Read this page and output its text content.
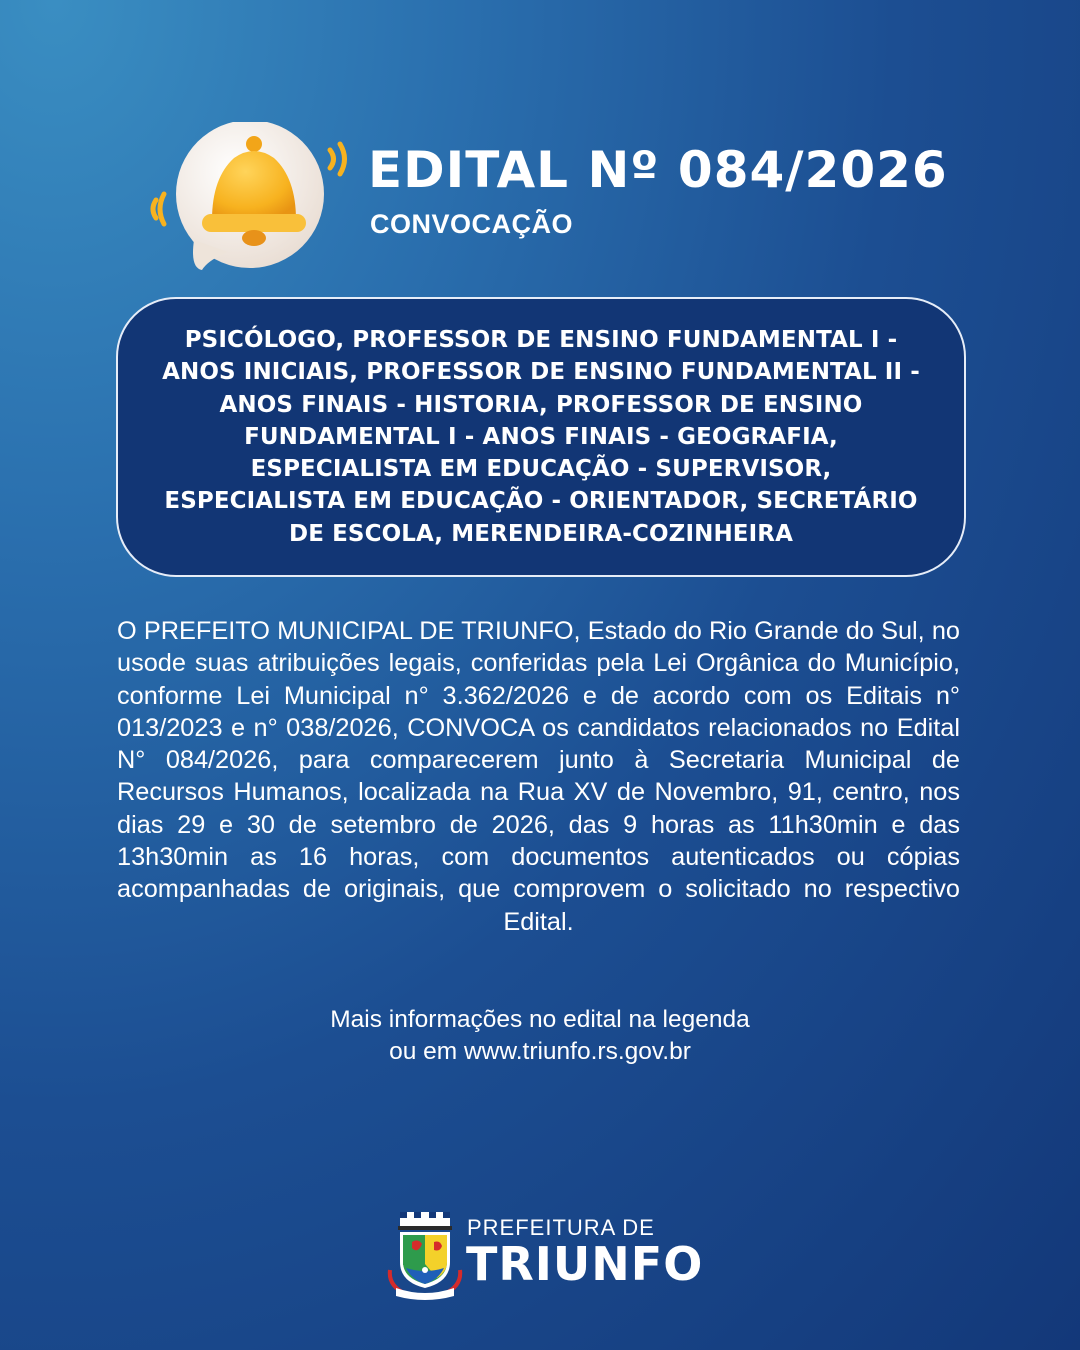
EDITAL Nº 084/2026
CONVOCAÇÃO

PSICÓLOGO, PROFESSOR DE ENSINO FUNDAMENTAL I - ANOS INICIAIS, PROFESSOR DE ENSINO FUNDAMENTAL II - ANOS FINAIS - HISTORIA, PROFESSOR DE ENSINO FUNDAMENTAL I - ANOS FINAIS - GEOGRAFIA, ESPECIALISTA EM EDUCAÇÃO - SUPERVISOR, ESPECIALISTA EM EDUCAÇÃO - ORIENTADOR, SECRETÁRIO DE ESCOLA, MERENDEIRA-COZINHEIRA

O PREFEITO MUNICIPAL DE TRIUNFO, Estado do Rio Grande do Sul, no usode suas atribuições legais, conferidas pela Lei Orgânica do Município, conforme Lei Municipal n° 3.362/2026 e de acordo com os Editais n° 013/2023 e n° 038/2026, CONVOCA os candidatos relacionados no Edital N° 084/2026, para comparecerem junto à Secretaria Municipal de Recursos Humanos, localizada na Rua XV de Novembro, 91, centro, nos dias 29 e 30 de setembro de 2026, das 9 horas as 11h30min e das 13h30min as 16 horas, com documentos autenticados ou cópias acompanhadas de originais, que comprovem o solicitado no respectivo Edital.

Mais informações no edital na legenda
ou em www.triunfo.rs.gov.br

PREFEITURA DE

TRIUNFO
